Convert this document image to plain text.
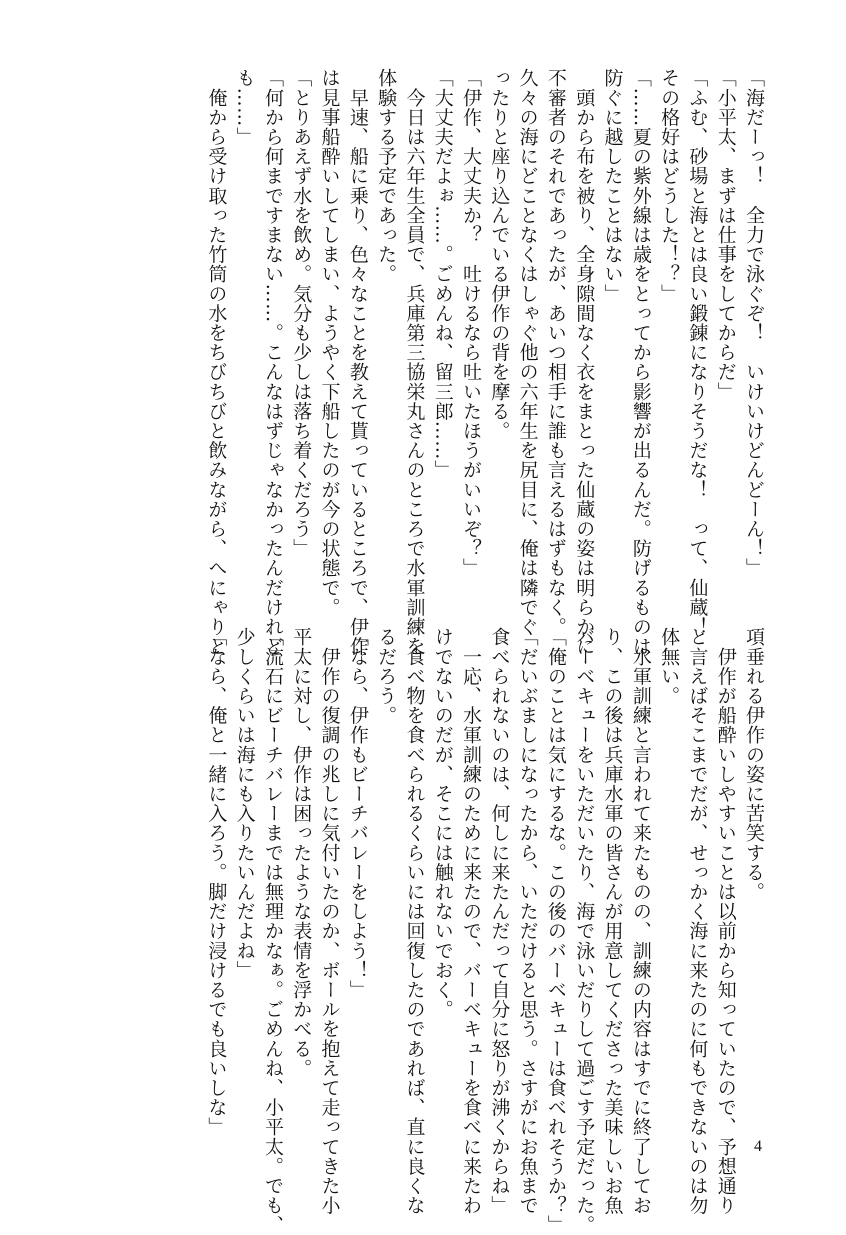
「海だーっ！　全力で泳ぐぞ！　いけいけどんどーん！」
「小平太、まずは仕事をしてからだ」
「ふむ、砂場と海とは良い鍛錬になりそうだな！　って、仙蔵！
その格好はどうした！？」
「……夏の紫外線は歳をとってから影響が出るんだ。防げるものは
防ぐに越したことはない」
　頭から布を被り、全身隙間なく衣をまとった仙蔵の姿は明らかに
不審者のそれであったが、あいつ相手に誰も言えるはずもなく。
久々の海にどことなくはしゃぐ他の六年生を尻目に、俺は隣でぐ
ったりと座り込んでいる伊作の背を摩る。
「伊作、大丈夫か？　吐けるなら吐いたほうがいいぞ？」
「大丈夫だよぉ……。ごめんね、留三郎……」
　今日は六年生全員で、兵庫第三協栄丸さんのところで水軍訓練を
体験する予定であった。
　早速、船に乗り、色々なことを教えて貰っているところで、伊作
は見事船酔いしてしまい、ようやく下船したのが今の状態で。
「とりあえず水を飲め。気分も少しは落ち着くだろう」
「何から何まですまない……。こんなはずじゃなかったんだけれど
も……」
　俺から受け取った竹筒の水をちびちびと飲みながら、へにゃりと
項垂れる伊作の姿に苦笑する。
　伊作が船酔いしやすいことは以前から知っていたので、予想通り
と言えばそこまでだが、せっかく海に来たのに何もできないのは勿
体無い。
　水軍訓練と言われて来たものの、訓練の内容はすでに終了してお
り、この後は兵庫水軍の皆さんが用意してくださった美味しいお魚
バーベキューをいただいたり、海で泳いだりして過ごす予定だった。
「俺のことは気にするな。この後のバーベキューは食べれそうか？」
「だいぶましになったから、いただけると思う。さすがにお魚まで
食べられないのは、何しに来たんだって自分に怒りが沸くからね」
　一応、水軍訓練のために来たので、バーベキューを食べに来たわ
けでないのだが、そこには触れないでおく。
　食べ物を食べられるくらいには回復したのであれば、直に良くな
るだろう。
「なら、伊作もビーチバレーをしよう！」
　伊作の復調の兆しに気付いたのか、ボールを抱えて走ってきた小
平太に対し、伊作は困ったような表情を浮かべる。
「流石にビーチバレーまでは無理かなぁ。ごめんね、小平太。でも、
少しくらいは海にも入りたいんだよね」
「なら、俺と一緒に入ろう。脚だけ浸けるでも良いしな」
4
